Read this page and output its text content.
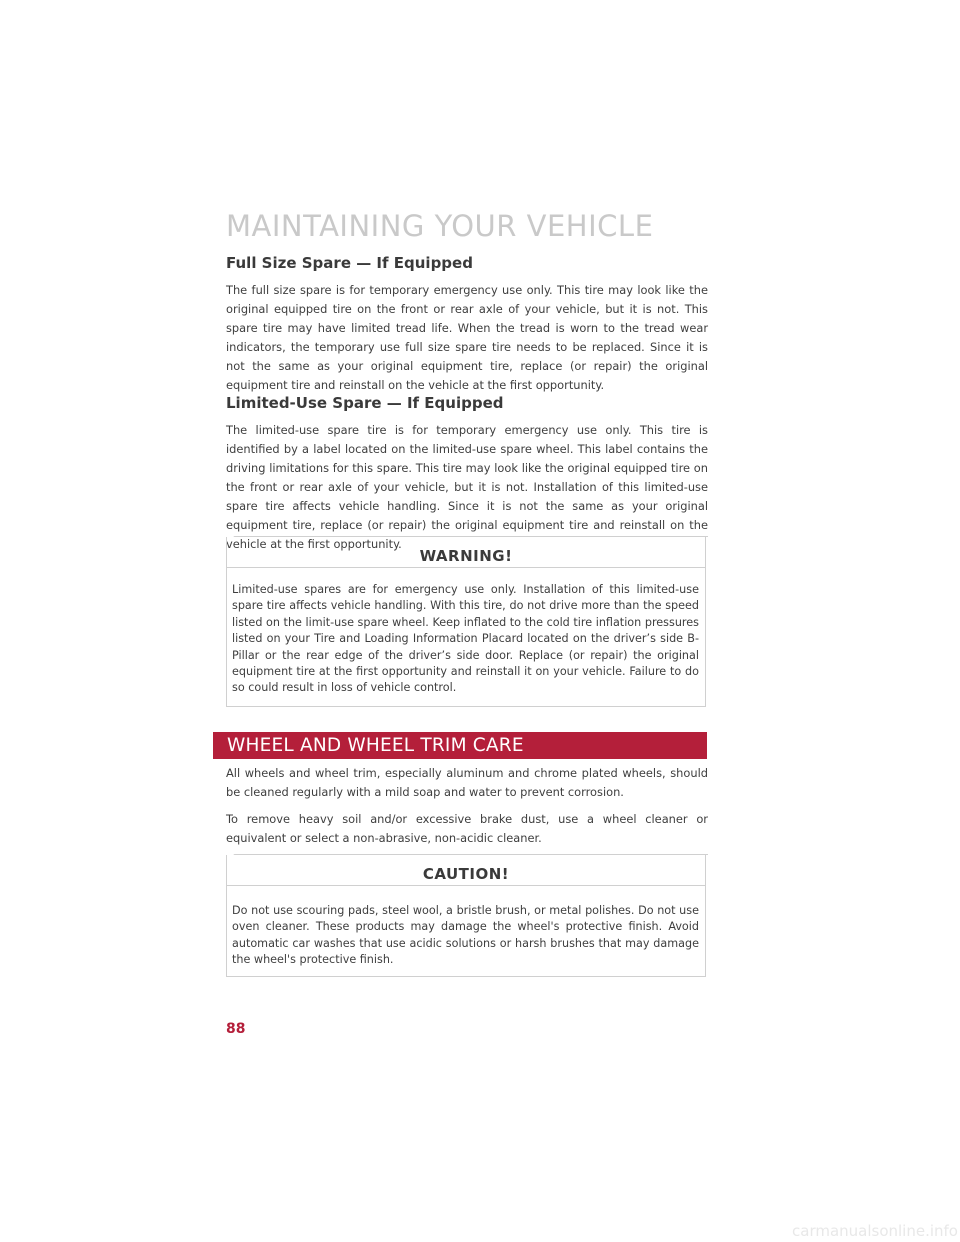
MAINTAINING YOUR VEHICLE
Full Size Spare — If Equipped

The full size spare is for temporary emergency use only. This tire may look like the original equipped tire on the front or rear axle of your vehicle, but it is not. This spare tire may have limited tread life. When the tread is worn to the tread wear indicators, the temporary use full size spare tire needs to be replaced. Since it is not the same as your original equipment tire, replace (or repair) the original equipment tire and reinstall on the vehicle at the first opportunity.

Limited-Use Spare — If Equipped

The limited-use spare tire is for temporary emergency use only. This tire is identified by a label located on the limited-use spare wheel. This label contains the driving limitations for this spare. This tire may look like the original equipped tire on the front or rear axle of your vehicle, but it is not. Installation of this limited-use spare tire affects vehicle handling. Since it is not the same as your original equipment tire, replace (or repair) the original equipment tire and reinstall on the vehicle at the first opportunity.

WARNING!

Limited-use spares are for emergency use only. Installation of this limited-use spare tire affects vehicle handling. With this tire, do not drive more than the speed listed on the limit-use spare wheel. Keep inflated to the cold tire inflation pressures listed on your Tire and Loading Information Placard located on the driver’s side B-Pillar or the rear edge of the driver’s side door. Replace (or repair) the original equipment tire at the first opportunity and reinstall it on your vehicle. Failure to do so could result in loss of vehicle control.

WHEEL AND WHEEL TRIM CARE

All wheels and wheel trim, especially aluminum and chrome plated wheels, should be cleaned regularly with a mild soap and water to prevent corrosion.

To remove heavy soil and/or excessive brake dust, use a wheel cleaner or equivalent or select a non-abrasive, non-acidic cleaner.

CAUTION!

Do not use scouring pads, steel wool, a bristle brush, or metal polishes. Do not use oven cleaner. These products may damage the wheel's protective finish. Avoid automatic car washes that use acidic solutions or harsh brushes that may damage the wheel's protective finish.

88
carmanualsonline.info
